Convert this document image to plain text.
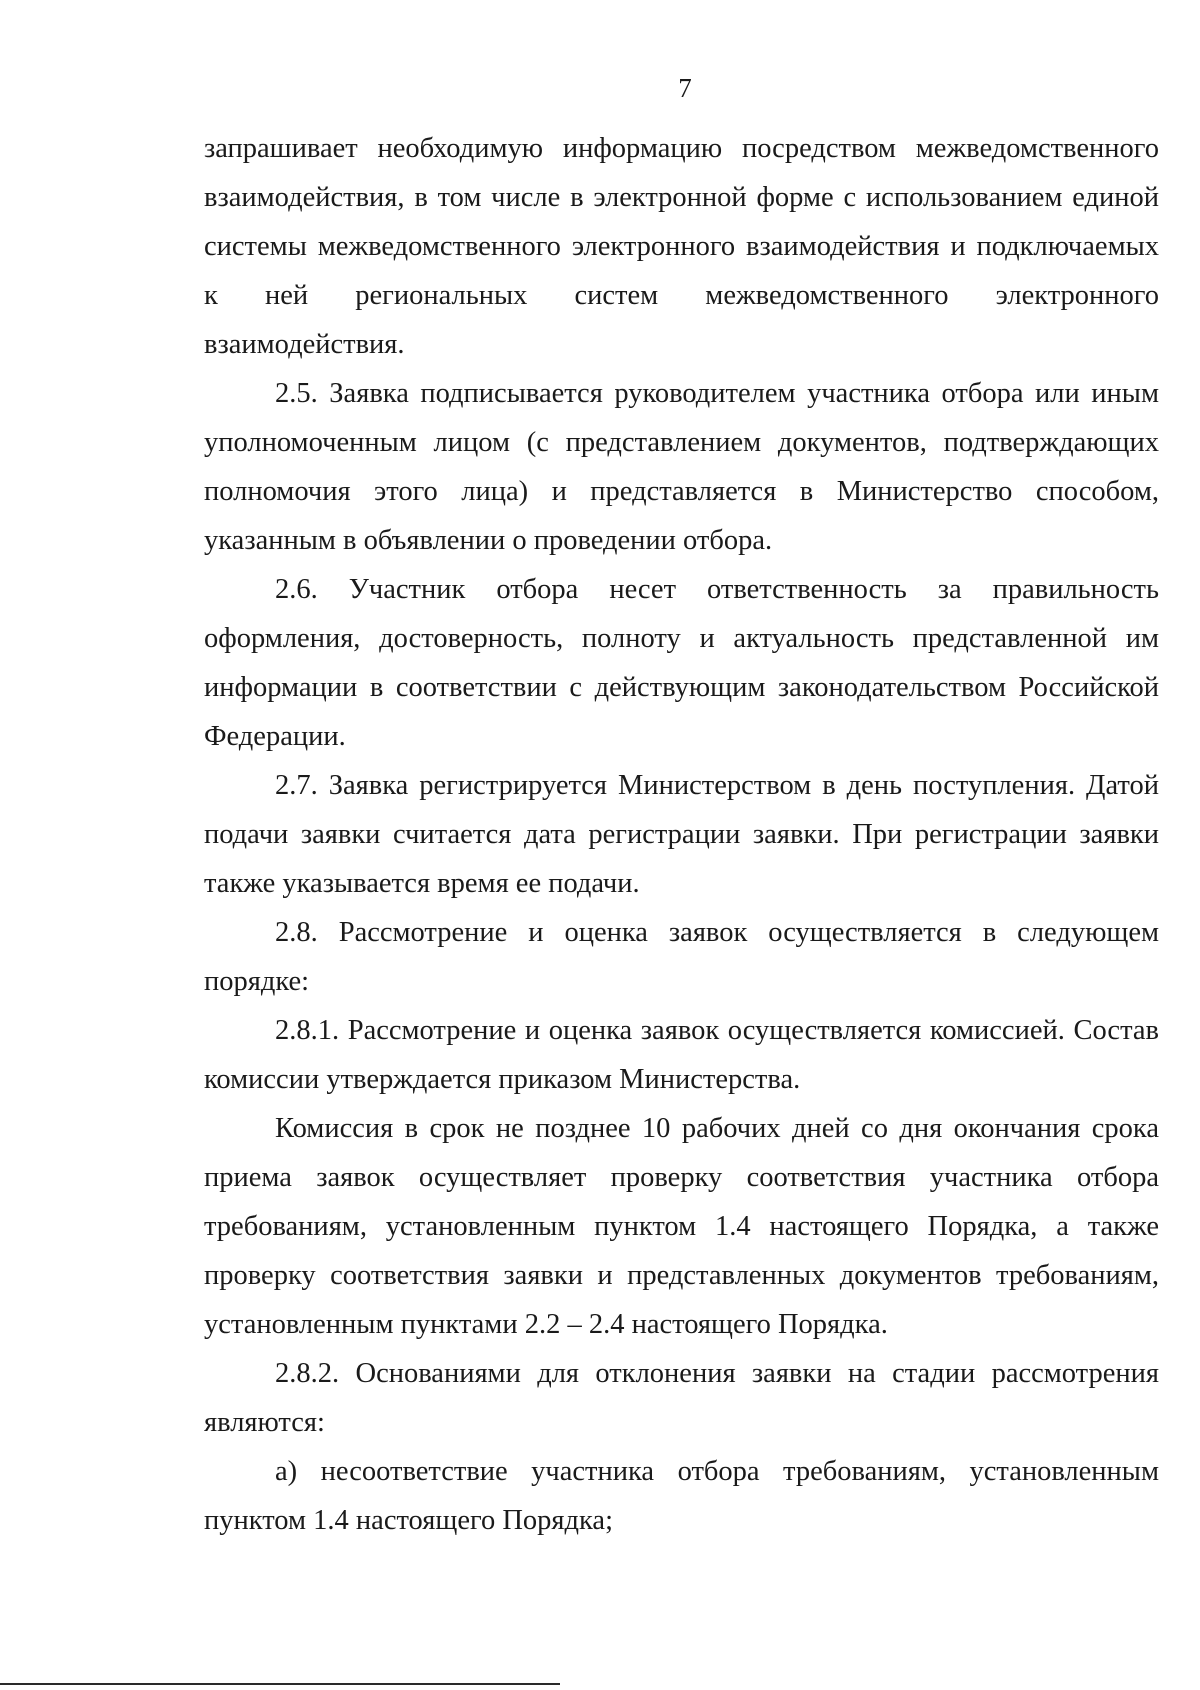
7

запрашивает необходимую информацию посредством межведомственного взаимодействия, в том числе в электронной форме с использованием единой системы межведомственного электронного взаимодействия и подключаемых к ней региональных систем межведомственного электронного взаимодействия.

2.5. Заявка подписывается руководителем участника отбора или иным уполномоченным лицом (с представлением документов, подтверждающих полномочия этого лица) и представляется в Министерство способом, указанным в объявлении о проведении отбора.

2.6. Участник отбора несет ответственность за правильность оформления, достоверность, полноту и актуальность представленной им информации в соответствии с действующим законодательством Российской Федерации.

2.7. Заявка регистрируется Министерством в день поступления. Датой подачи заявки считается дата регистрации заявки. При регистрации заявки также указывается время ее подачи.

2.8. Рассмотрение и оценка заявок осуществляется в следующем порядке:

2.8.1. Рассмотрение и оценка заявок осуществляется комиссией. Состав комиссии утверждается приказом Министерства.

Комиссия в срок не позднее 10 рабочих дней со дня окончания срока приема заявок осуществляет проверку соответствия участника отбора требованиям, установленным пунктом 1.4 настоящего Порядка, а также проверку соответствия заявки и представленных документов требованиям, установленным пунктами 2.2 – 2.4 настоящего Порядка.

2.8.2. Основаниями для отклонения заявки на стадии рассмотрения являются:

а) несоответствие участника отбора требованиям, установленным пунктом 1.4 настоящего Порядка;
